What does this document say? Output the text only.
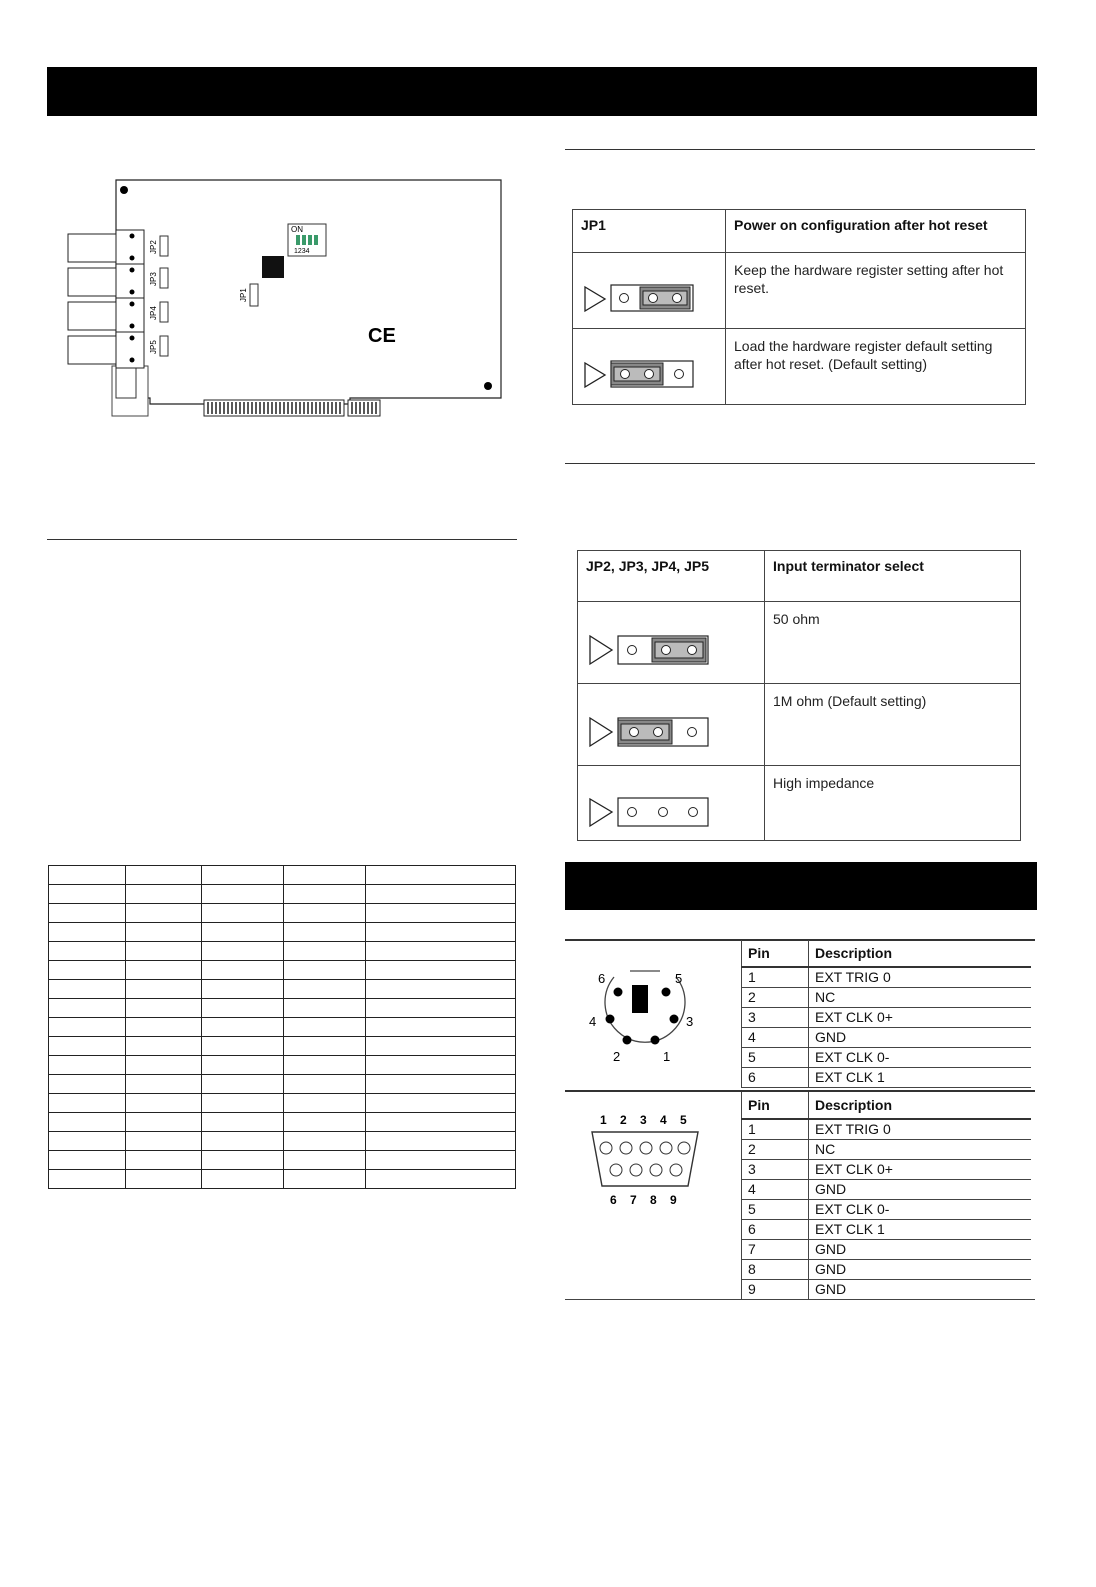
JP2
JP3
JP4
JP5
JP1
ON
1234
CE
JP1	Power on configuration after hot reset
	Keep the hardware register setting after hot reset.
	Load the hardware register default setting after hot reset. (Default setting)
JP2, JP3, JP4, JP5	Input terminator select
	50 ohm
	1M ohm (Default setting)
	High impedance

6	5
4	3
2	1
Pin	Description
1	EXT TRIG 0
2	NC
3	EXT CLK 0+
4	GND
5	EXT CLK 0-
6	EXT CLK 1
1 2 3 4 5
6 7 8 9
Pin	Description
1	EXT TRIG 0
2	NC
3	EXT CLK 0+
4	GND
5	EXT CLK 0-
6	EXT CLK 1
7	GND
8	GND
9	GND
